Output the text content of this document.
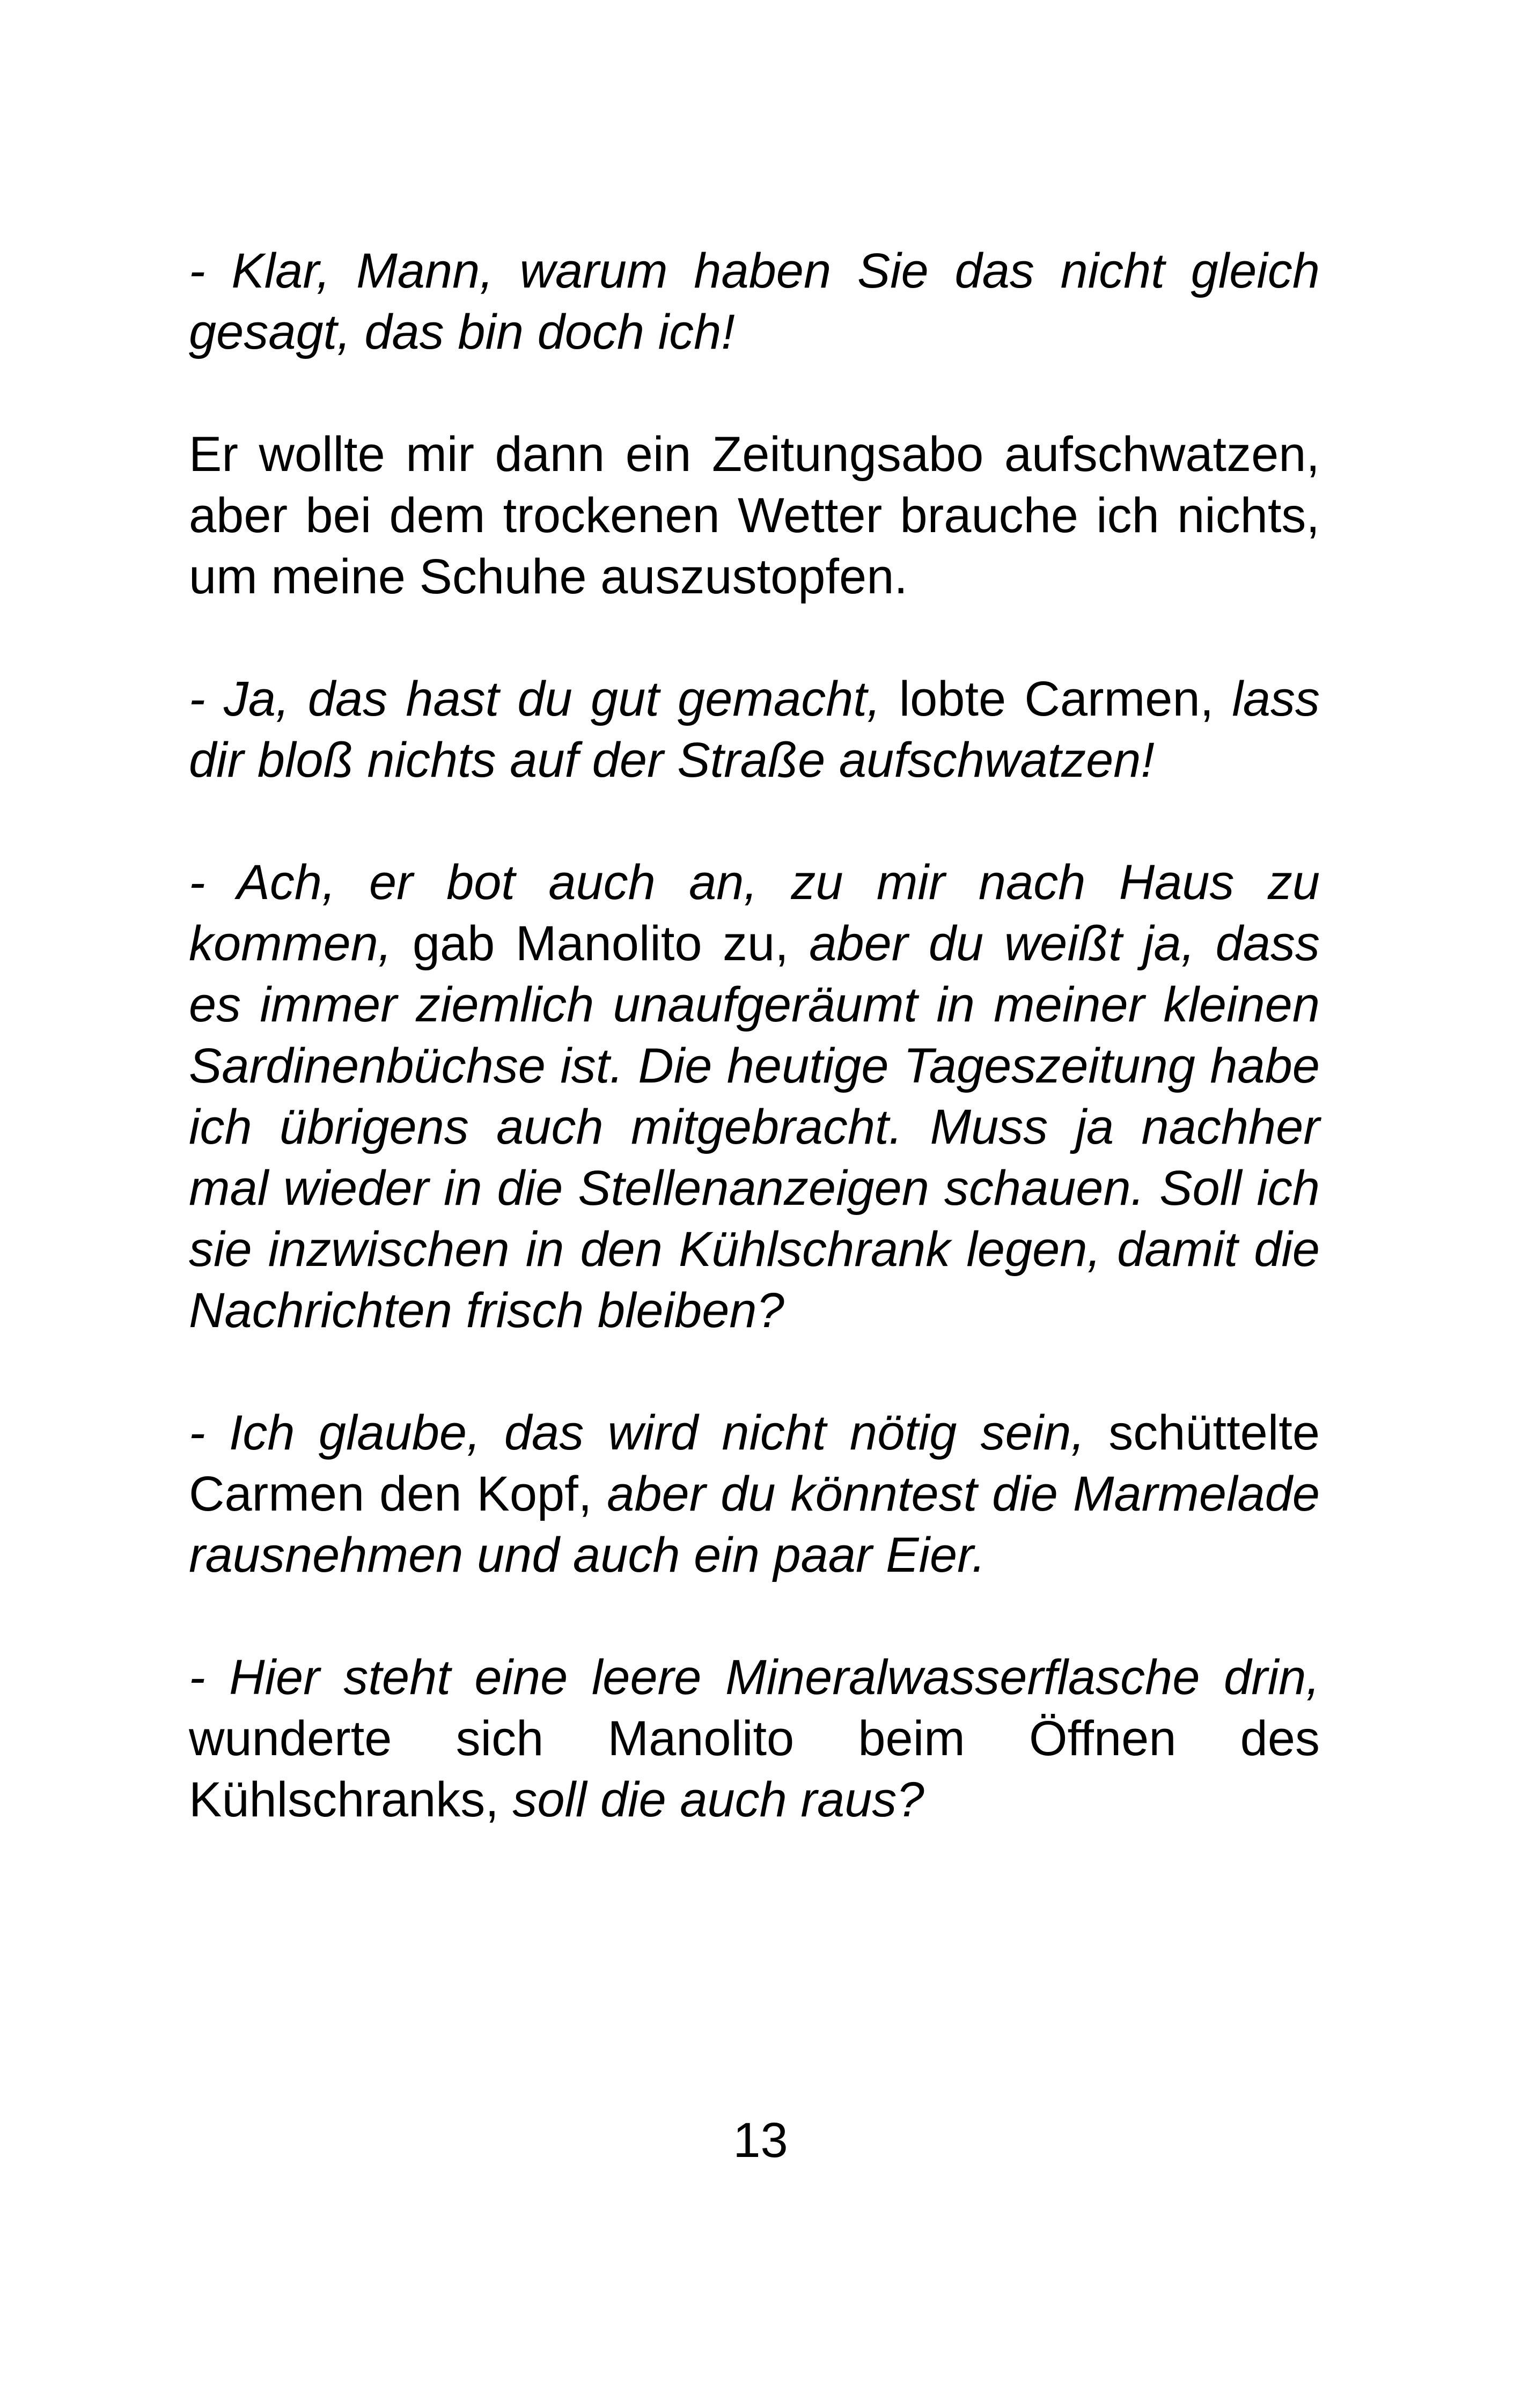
- Klar, Mann, warum haben Sie das nicht gleich gesagt, das bin doch ich!

Er wollte mir dann ein Zeitungsabo aufschwatzen, aber bei dem trockenen Wetter brauche ich nichts, um meine Schuhe auszustopfen.

- Ja, das hast du gut gemacht, lobte Carmen, lass dir bloß nichts auf der Straße aufschwatzen!

- Ach, er bot auch an, zu mir nach Haus zu kommen, gab Manolito zu, aber du weißt ja, dass es immer ziemlich unaufgeräumt in meiner kleinen Sardinenbüchse ist. Die heutige Tageszeitung habe ich übrigens auch mitgebracht. Muss ja nachher mal wieder in die Stellenanzeigen schauen. Soll ich sie inzwischen in den Kühlschrank legen, damit die Nachrichten frisch bleiben?

- Ich glaube, das wird nicht nötig sein, schüttelte Carmen den Kopf, aber du könntest die Marmelade rausnehmen und auch ein paar Eier.

- Hier steht eine leere Mineralwasserflasche drin, wunderte sich Manolito beim Öffnen des Kühlschranks, soll die auch raus?

13
